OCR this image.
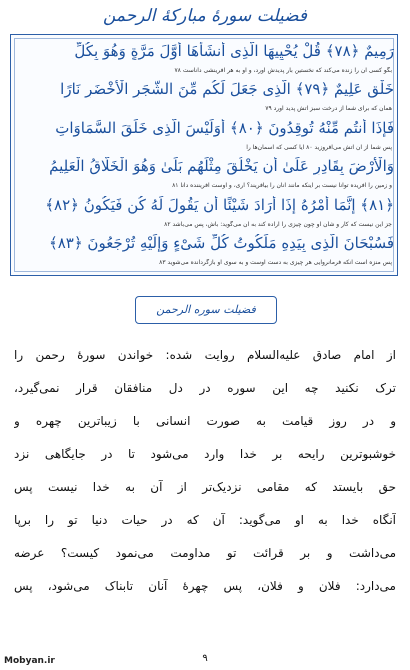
فضیلت سورهٔ مبارکهٔ الرحمن
رَمِیمٌ ﴿٧٨﴾ قُلْ یُحْیِیهَا الَّذِی أَنشَأَهَا أَوَّلَ مَرَّةٍ وَهُوَ بِکُلِّ
بگو کسی آن را زنده می‌کند که نخستین بار پدیدش آورد، و او به هر آفرینشی داناست ٧٨
خَلْقٍ عَلِیمٌ ﴿٧٩﴾ الَّذِی جَعَلَ لَکُم مِّنَ الشَّجَرِ الْأَخْضَرِ نَارًا
همان که برای شما از درخت سبز آتش پدید آورد ٧٩
فَإِذَا أَنتُم مِّنْهُ تُوقِدُونَ ﴿٨٠﴾ أَوَلَیْسَ الَّذِی خَلَقَ السَّمَاوَاتِ
پس شما از آن آتش می‌افروزید ٨٠ آیا کسی که آسمان‌ها را
وَالْأَرْضَ بِقَادِرٍ عَلَىٰ أَن یَخْلُقَ مِثْلَهُم بَلَىٰ وَهُوَ الْخَلَّاقُ الْعَلِیمُ
و زمین را آفریده توانا نیست بر اینکه مانند آنان را بیافریند؟ آری، و اوست آفریننده دانا ٨١
﴿٨١﴾ إِنَّمَا أَمْرُهُ إِذَا أَرَادَ شَیْئًا أَن یَقُولَ لَهُ کُن فَیَکُونُ ﴿٨٢﴾
جز این نیست که کار و شأن او چون چیزی را اراده کند به آن می‌گوید: باش، پس می‌باشد ٨٢
فَسُبْحَانَ الَّذِی بِیَدِهِ مَلَکُوتُ کُلِّ شَیْءٍ وَإِلَیْهِ تُرْجَعُونَ ﴿٨٣﴾
پس منزه است آنکه فرمانروایی هر چیزی به دست اوست و به سوی او بازگردانده می‌شوید ٨٣
فضیلت سوره الرحمن
از امام صادق علیه‌السلام روایت شده: خواندن سورهٔ رحمن را
ترک نکنید چه این سوره در دل منافقان قرار نمی‌گیرد،
و در روز قیامت به صورت انسانی با زیباترین چهره و
خوشبوترین رایحه بر خدا وارد می‌شود تا در جایگاهی نزد
حق بایستد که مقامی نزدیک‌تر از آن به خدا نیست پس
آنگاه خدا به او می‌گوید: آن که در حیات دنیا تو را برپا
می‌داشت و بر قرائت تو مداومت می‌نمود کیست؟ عرضه
می‌دارد: فلان و فلان، پس چهرهٔ آنان تابناک می‌شود، پس
Mobyan.ir	۹
